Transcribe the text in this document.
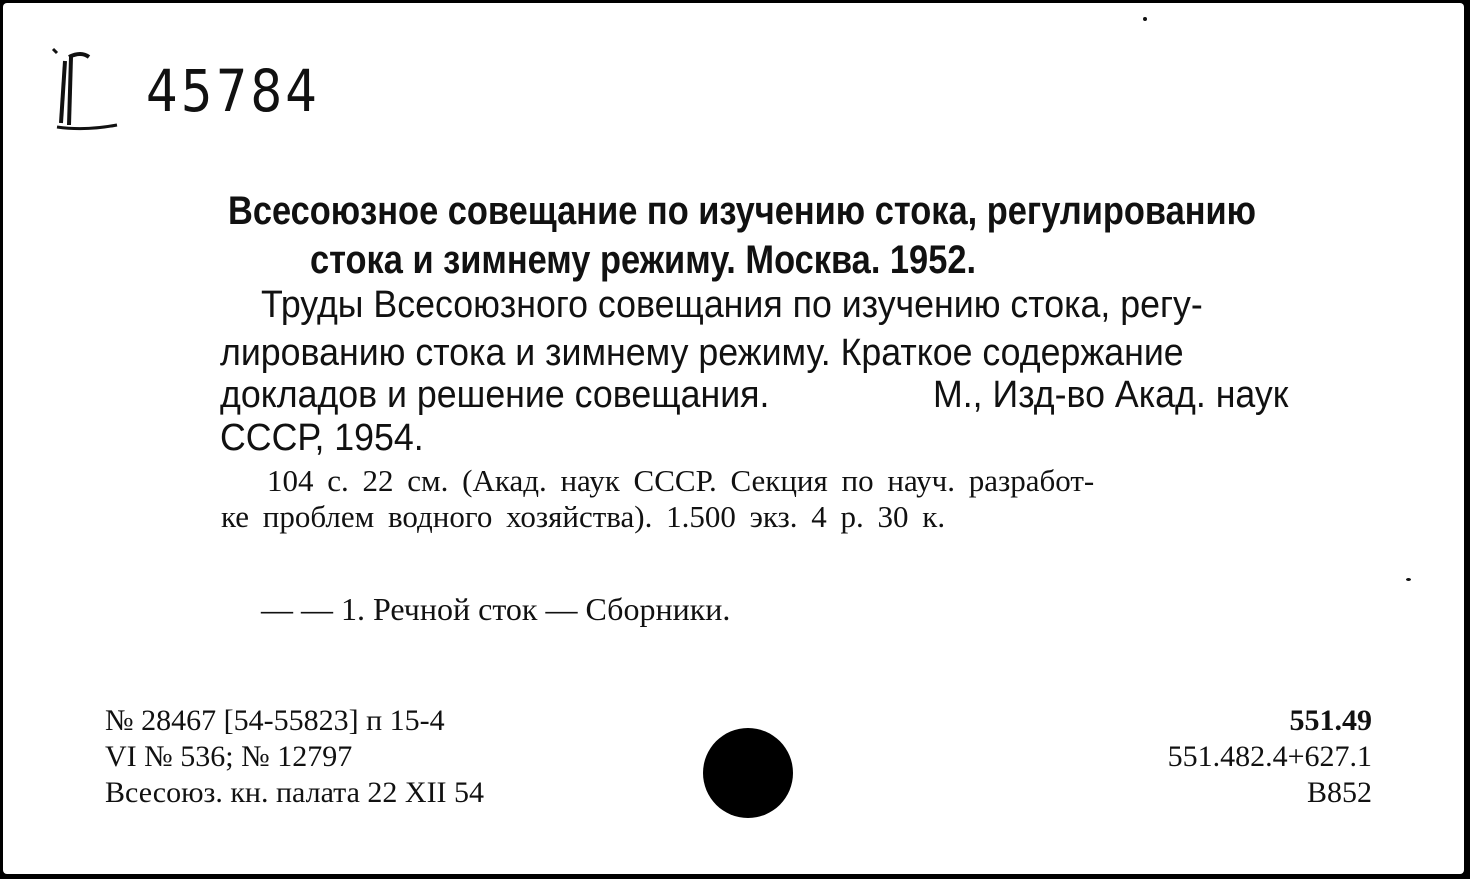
45784
Всесоюзное совещание по изучению стока, регулированию
стока и зимнему режиму. Москва. 1952.
Труды Всесоюзного совещания по изучению стока, регу-
лированию стока и зимнему режиму. Краткое содержание
докладов и решение совещания.	М., Изд-во Акад. наук
СССР, 1954.
104 с. 22 см. (Акад. наук СССР. Секция по науч. разработ-
ке проблем водного хозяйства). 1.500 экз. 4 р. 30 к.
— — 1. Речной сток — Сборники.
№ 28467 [54-55823] п 15-4
VI № 536; № 12797
Всесоюз. кн. палата 22 XII 54
551.49
551.482.4+627.1
В852
